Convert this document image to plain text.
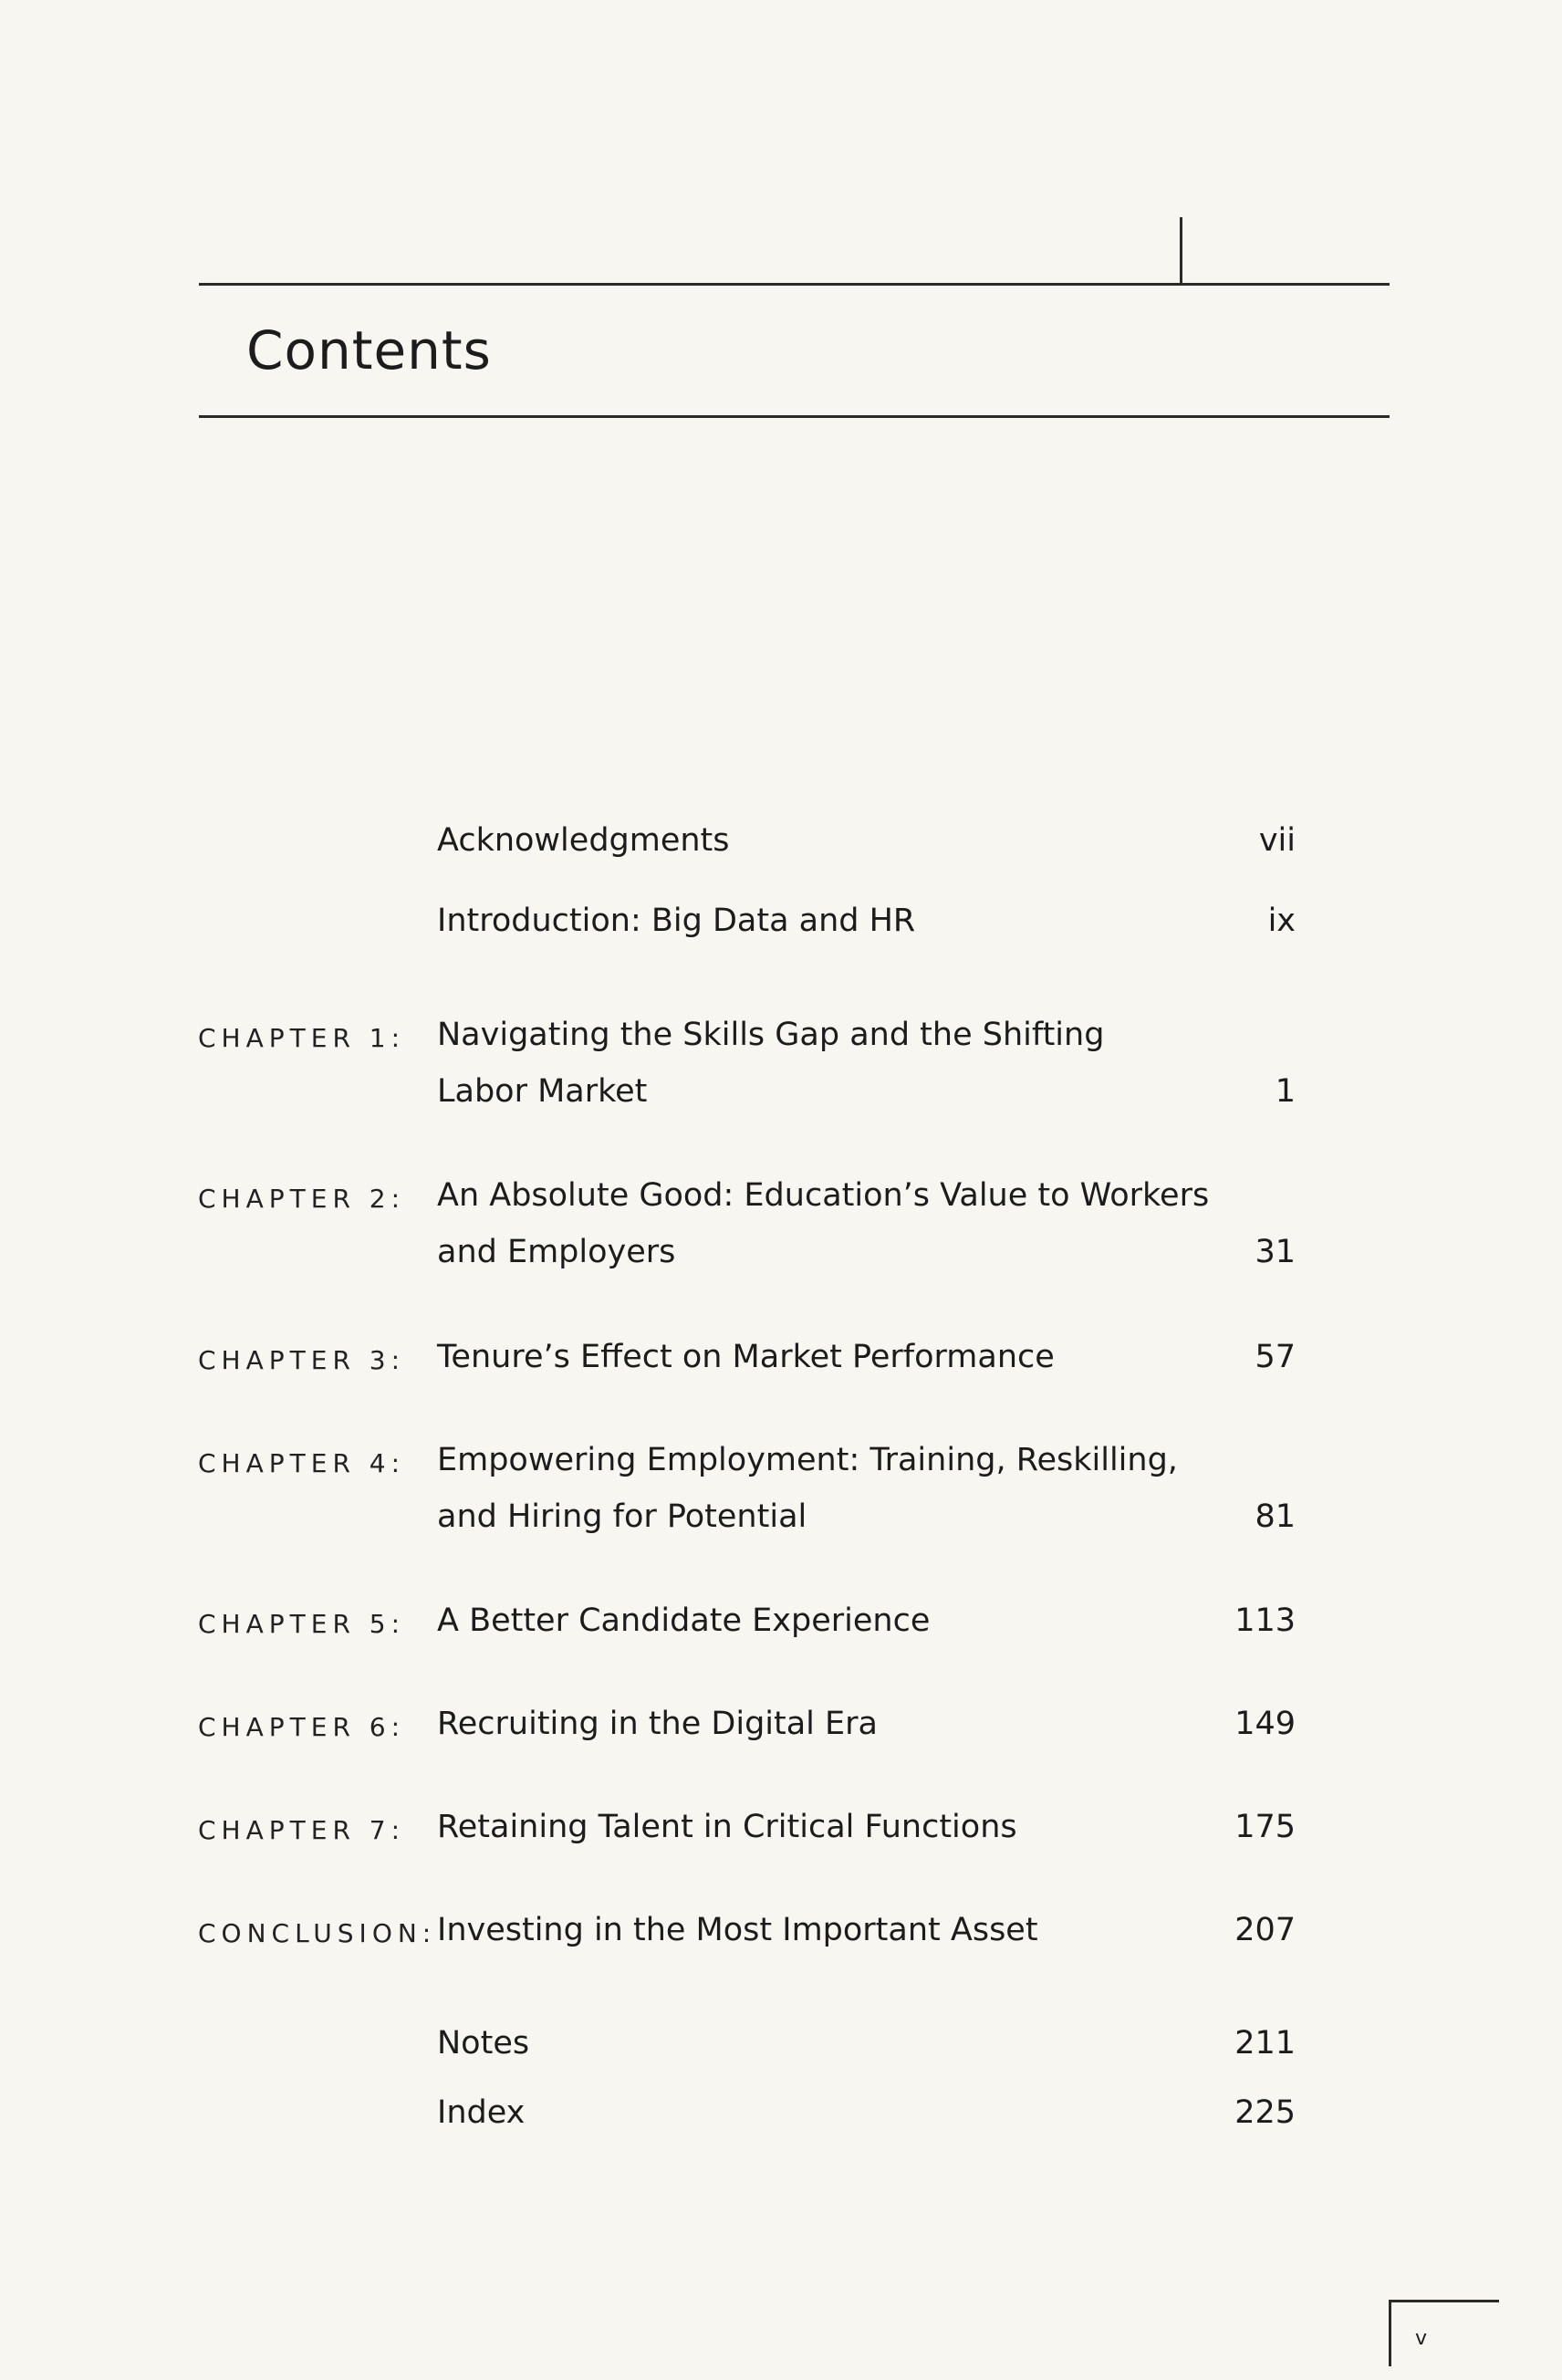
Contents
Acknowledgments	vii
Introduction: Big Data and HR	ix
CHAPTER 1: Navigating the Skills Gap and the Shifting
Labor Market	1
CHAPTER 2: An Absolute Good: Education’s Value to Workers
and Employers	31
CHAPTER 3: Tenure’s Effect on Market Performance	57
CHAPTER 4: Empowering Employment: Training, Reskilling,
and Hiring for Potential	81
CHAPTER 5: A Better Candidate Experience	113
CHAPTER 6: Recruiting in the Digital Era	149
CHAPTER 7: Retaining Talent in Critical Functions	175
CONCLUSION: Investing in the Most Important Asset	207
Notes	211
Index	225
v
